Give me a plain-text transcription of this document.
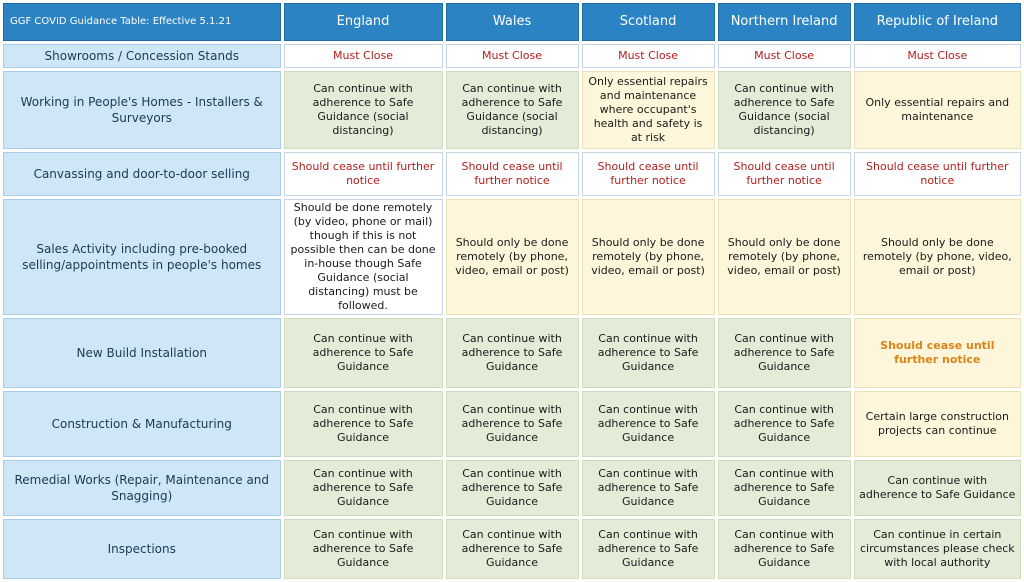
GGF COVID Guidance Table: Effective 5.1.21	England	Wales	Scotland	Northern Ireland	Republic of Ireland
Showrooms / Concession Stands	Must Close	Must Close	Must Close	Must Close	Must Close
Working in People's Homes - Installers & Surveyors	Can continue with adherence to Safe Guidance (social distancing)	Can continue with adherence to Safe Guidance (social distancing)	Only essential repairs and maintenance where occupant's health and safety is at risk	Can continue with adherence to Safe Guidance (social distancing)	Only essential repairs and maintenance
Canvassing and door-to-door selling	Should cease until further notice	Should cease until further notice	Should cease until further notice	Should cease until further notice	Should cease until further notice
Sales Activity including pre-booked selling/appointments in people's homes	Should be done remotely (by video, phone or mail) though if this is not possible then can be done in-house though Safe Guidance (social distancing) must be followed.	Should only be done remotely (by phone, video, email or post)	Should only be done remotely (by phone, video, email or post)	Should only be done remotely (by phone, video, email or post)	Should only be done remotely (by phone, video, email or post)
New Build Installation	Can continue with adherence to Safe Guidance	Can continue with adherence to Safe Guidance	Can continue with adherence to Safe Guidance	Can continue with adherence to Safe Guidance	Should cease until further notice
Construction & Manufacturing	Can continue with adherence to Safe Guidance	Can continue with adherence to Safe Guidance	Can continue with adherence to Safe Guidance	Can continue with adherence to Safe Guidance	Certain large construction projects can continue
Remedial Works (Repair, Maintenance and Snagging)	Can continue with adherence to Safe Guidance	Can continue with adherence to Safe Guidance	Can continue with adherence to Safe Guidance	Can continue with adherence to Safe Guidance	Can continue with adherence to Safe Guidance
Inspections	Can continue with adherence to Safe Guidance	Can continue with adherence to Safe Guidance	Can continue with adherence to Safe Guidance	Can continue with adherence to Safe Guidance	Can continue in certain circumstances please check with local authority
